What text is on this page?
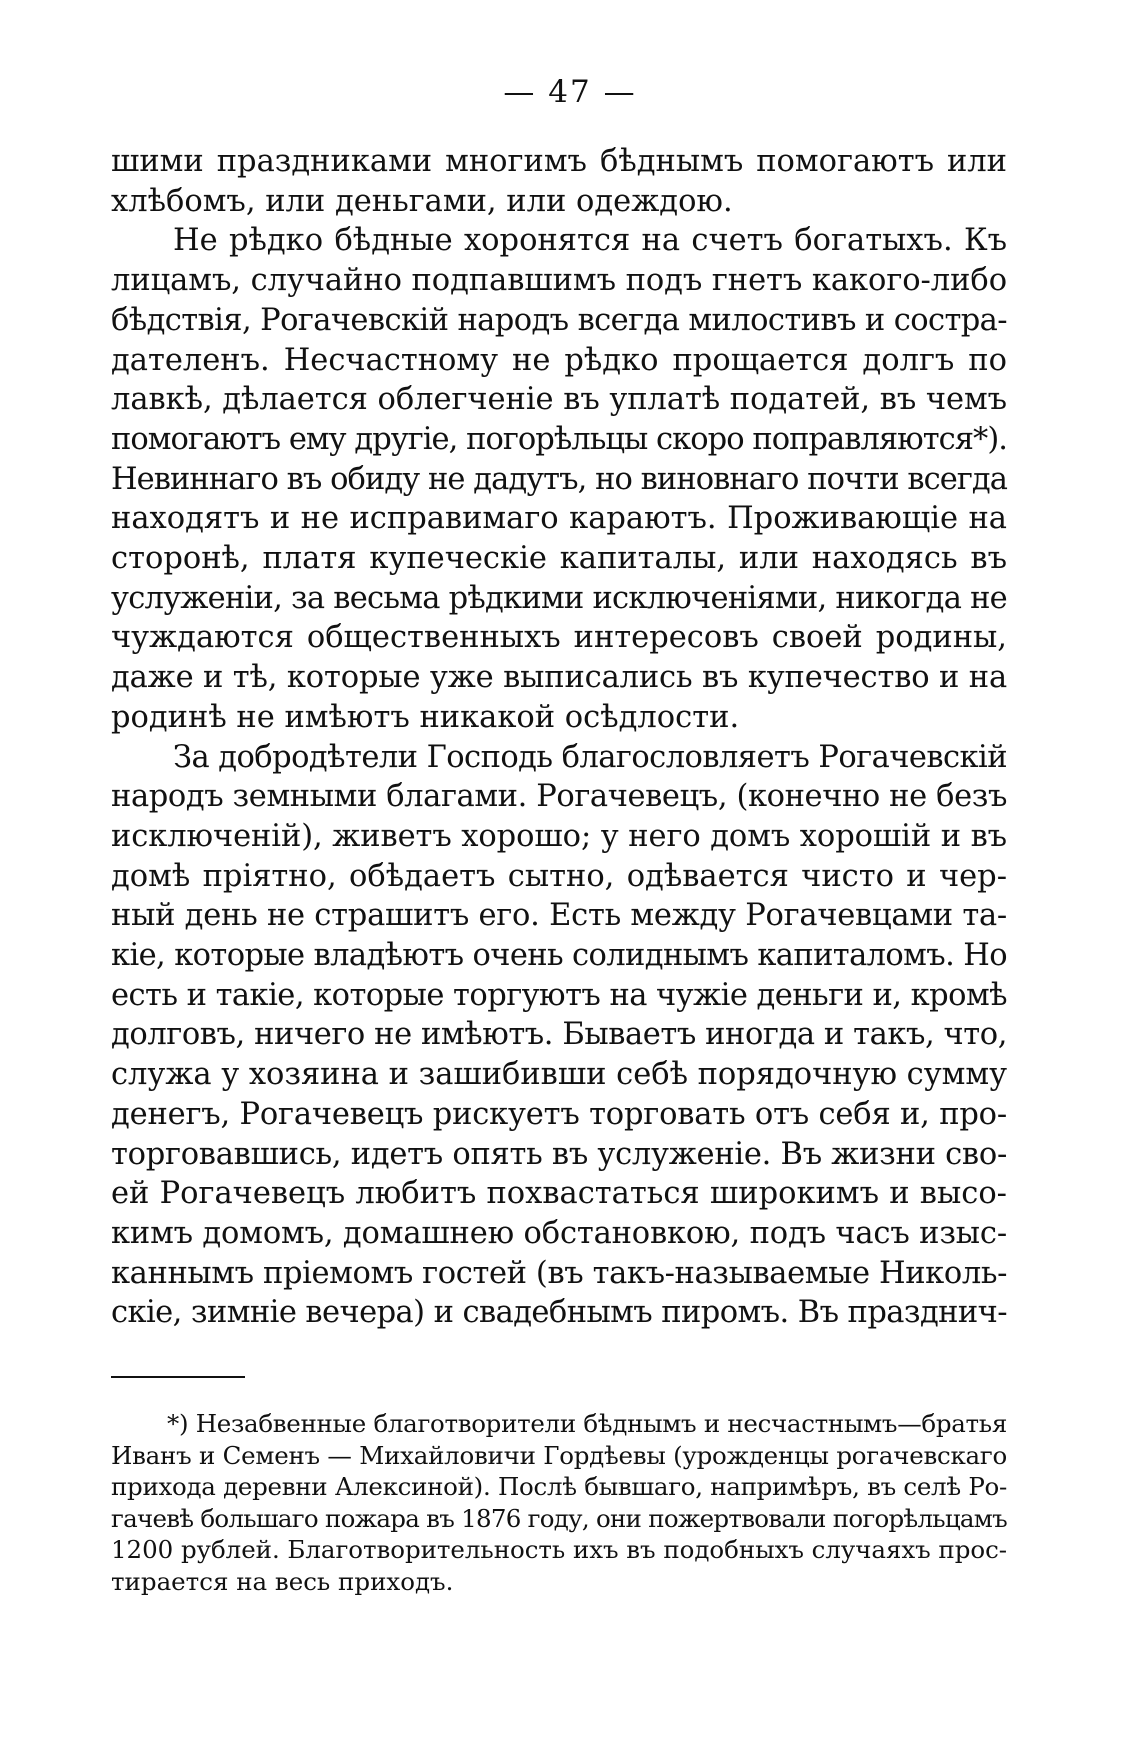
— 47 —
шими праздниками многимъ бѣднымъ помогаютъ или
хлѣбомъ, или деньгами, или одеждою.
Не рѣдко бѣдные хоронятся на счетъ богатыхъ. Къ
лицамъ, случайно подпавшимъ подъ гнетъ какого-либо
бѣдствія, Рогачевскій народъ всегда милостивъ и состра-
дателенъ. Несчастному не рѣдко прощается долгъ по
лавкѣ, дѣлается облегченіе въ уплатѣ податей, въ чемъ
помогаютъ ему другіе, погорѣльцы скоро поправляются*).
Невиннаго въ обиду не дадутъ, но виновнаго почти всегда
находятъ и не исправимаго караютъ. Проживающіе на
сторонѣ, платя купеческіе капиталы, или находясь въ
услуженіи, за весьма рѣдкими исключеніями, никогда не
чуждаются общественныхъ интересовъ своей родины,
даже и тѣ, которые уже выписались въ купечество и на
родинѣ не имѣютъ никакой осѣдлости.
За добродѣтели Господь благословляетъ Рогачевскій
народъ земными благами. Рогачевецъ, (конечно не безъ
исключеній), живетъ хорошо; у него домъ хорошій и въ
домѣ пріятно, обѣдаетъ сытно, одѣвается чисто и чер-
ный день не страшитъ его. Есть между Рогачевцами та-
кіе, которые владѣютъ очень солиднымъ капиталомъ. Но
есть и такіе, которые торгуютъ на чужіе деньги и, кромѣ
долговъ, ничего не имѣютъ. Бываетъ иногда и такъ, что,
служа у хозяина и зашибивши себѣ порядочную сумму
денегъ, Рогачевецъ рискуетъ торговать отъ себя и, про-
торговавшись, идетъ опять въ услуженіе. Въ жизни сво-
ей Рогачевецъ любитъ похвастаться широкимъ и высо-
кимъ домомъ, домашнею обстановкою, подъ часъ изыс-
каннымъ пріемомъ гостей (въ такъ-называемые Николь-
скіе, зимніе вечера) и свадебнымъ пиромъ. Въ празднич-
*) Незабвенные благотворители бѣднымъ и несчастнымъ—братья
Иванъ и Семенъ — Михайловичи Гордѣевы (урожденцы рогачевскаго
прихода деревни Алексиной). Послѣ бывшаго, напримѣръ, въ селѣ Ро-
гачевѣ большаго пожара въ 1876 году, они пожертвовали погорѣльцамъ
1200 рублей. Благотворительность ихъ въ подобныхъ случаяхъ прос-
тирается на весь приходъ.
